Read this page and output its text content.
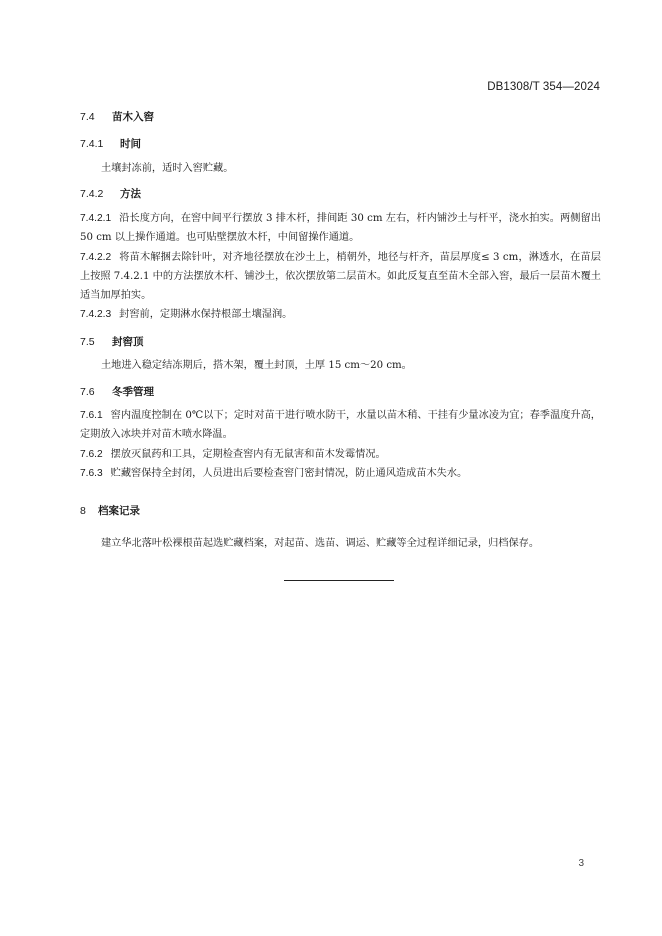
DB1308/T 354—2024
7.4 苗木入窖
7.4.1 时间
土壤封冻前，适时入窖贮藏。
7.4.2 方法
7.4.2.1 沿长度方向，在窖中间平行摆放 3 排木杆，排间距 30 cm 左右，杆内铺沙土与杆平，浇水拍实。两侧留出 50 cm 以上操作通道。也可贴壁摆放木杆，中间留操作通道。
7.4.2.2 将苗木解捆去除针叶，对齐地径摆放在沙土上，梢朝外，地径与杆齐，苗层厚度≤ 3 cm，淋透水，在苗层上按照 7.4.2.1 中的方法摆放木杆、铺沙土，依次摆放第二层苗木。如此反复直至苗木全部入窖，最后一层苗木覆土适当加厚拍实。
7.4.2.3 封窖前，定期淋水保持根部土壤湿润。
7.5 封窖顶
土地进入稳定结冻期后，搭木架，覆土封顶，土厚 15 cm～20 cm。
7.6 冬季管理
7.6.1 窖内温度控制在 0℃以下；定时对苗干进行喷水防干，水量以苗木稍、干挂有少量冰凌为宜；春季温度升高，定期放入冰块并对苗木喷水降温。
7.6.2 摆放灭鼠药和工具，定期检查窖内有无鼠害和苗木发霉情况。
7.6.3 贮藏窖保持全封闭，人员进出后要检查窖门密封情况，防止通风造成苗木失水。
8 档案记录
建立华北落叶松裸根苗起选贮藏档案，对起苗、选苗、调运、贮藏等全过程详细记录，归档保存。
3
